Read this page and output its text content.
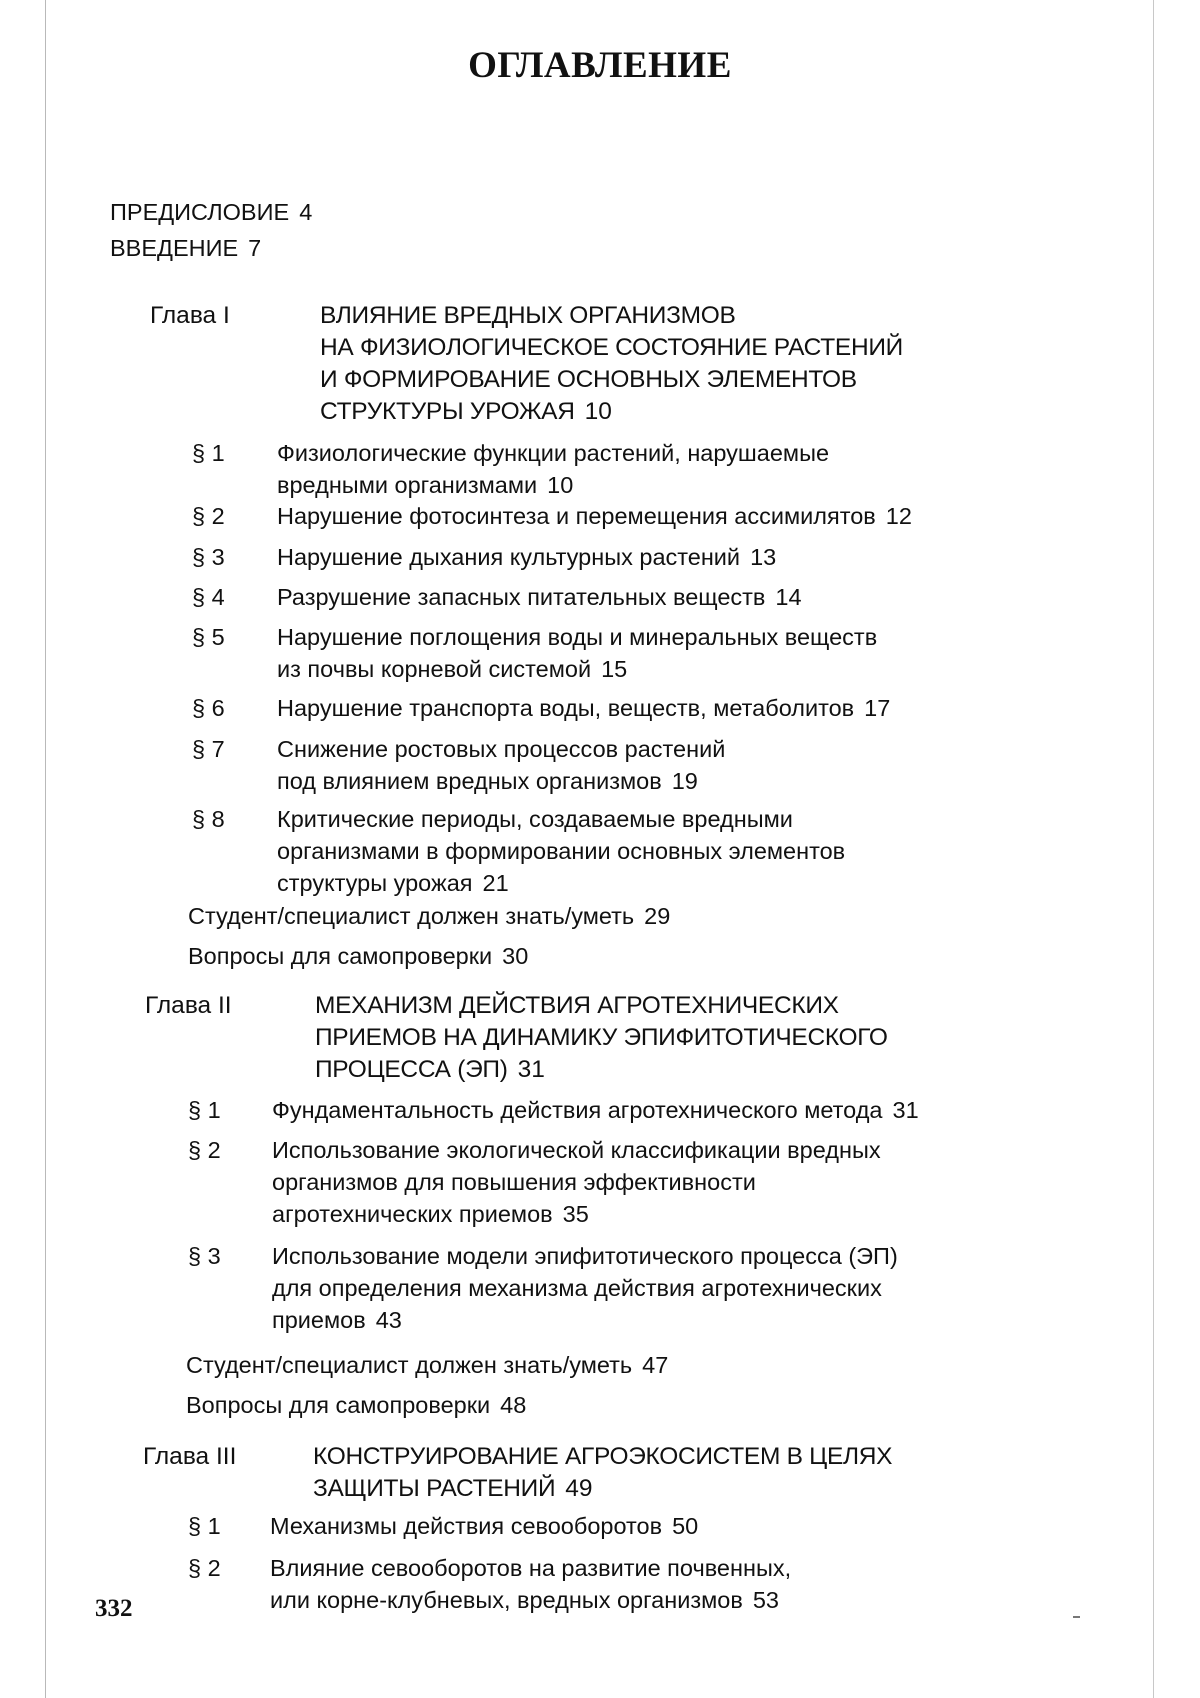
ОГЛАВЛЕНИЕ
ПРЕДИСЛОВИЕ 4
ВВЕДЕНИЕ 7
Глава I	ВЛИЯНИЕ ВРЕДНЫХ ОРГАНИЗМОВ
НА ФИЗИОЛОГИЧЕСКОЕ СОСТОЯНИЕ РАСТЕНИЙ
И ФОРМИРОВАНИЕ ОСНОВНЫХ ЭЛЕМЕНТОВ
СТРУКТУРЫ УРОЖАЯ 10
§ 1 Физиологические функции растений, нарушаемые
вредными организмами 10
§ 2 Нарушение фотосинтеза и перемещения ассимилятов 12
§ 3 Нарушение дыхания культурных растений 13
§ 4 Разрушение запасных питательных веществ 14
§ 5 Нарушение поглощения воды и минеральных веществ
из почвы корневой системой 15
§ 6 Нарушение транспорта воды, веществ, метаболитов 17
§ 7 Снижение ростовых процессов растений
под влиянием вредных организмов 19
§ 8 Критические периоды, создаваемые вредными
организмами в формировании основных элементов
структуры урожая 21
Студент/специалист должен знать/уметь 29
Вопросы для самопроверки 30
Глава II	МЕХАНИЗМ ДЕЙСТВИЯ АГРОТЕХНИЧЕСКИХ
ПРИЕМОВ НА ДИНАМИКУ ЭПИФИТОТИЧЕСКОГО
ПРОЦЕССА (ЭП) 31
§ 1 Фундаментальность действия агротехнического метода 31
§ 2 Использование экологической классификации вредных
организмов для повышения эффективности
агротехнических приемов 35
§ 3 Использование модели эпифитотического процесса (ЭП)
для определения механизма действия агротехнических
приемов 43
Студент/специалист должен знать/уметь 47
Вопросы для самопроверки 48
Глава III	КОНСТРУИРОВАНИЕ АГРОЭКОСИСТЕМ В ЦЕЛЯХ
ЗАЩИТЫ РАСТЕНИЙ 49
§ 1 Механизмы действия севооборотов 50
§ 2 Влияние севооборотов на развитие почвенных,
или корне-клубневых, вредных организмов 53
332
